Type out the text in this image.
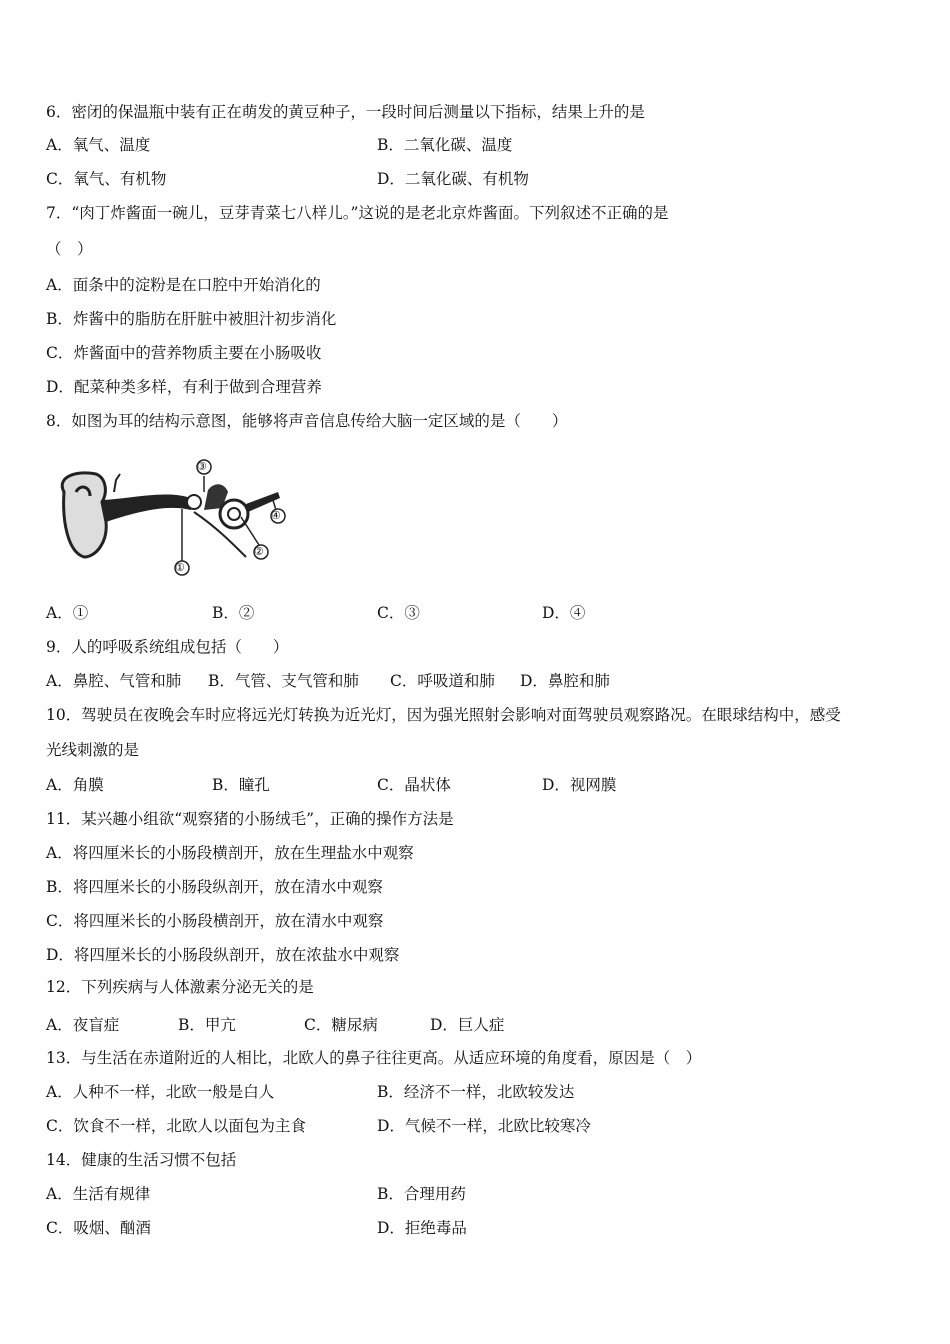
6．密闭的保温瓶中装有正在萌发的黄豆种子，一段时间后测量以下指标，结果上升的是
A．氧气、温度	B．二氧化碳、温度
C．氧气、有机物	D．二氧化碳、有机物
7．“肉丁炸酱面一碗儿，豆芽青菜七八样儿。”这说的是老北京炸酱面。下列叙述不正确的是
（　）
A．面条中的淀粉是在口腔中开始消化的
B．炸酱中的脂肪在肝脏中被胆汁初步消化
C．炸酱面中的营养物质主要在小肠吸收
D．配菜种类多样，有利于做到合理营养
8．如图为耳的结构示意图，能够将声音信息传给大脑一定区域的是（　　）
A．①	B．②	C．③	D．④
9．人的呼吸系统组成包括（　　）
A．鼻腔、气管和肺 B．气管、支气管和肺 C．呼吸道和肺 D．鼻腔和肺
10．驾驶员在夜晚会车时应将远光灯转换为近光灯，因为强光照射会影响对面驾驶员观察路况。在眼球结构中，感受
光线刺激的是
A．角膜	B．瞳孔	C．晶状体	D．视网膜
11．某兴趣小组欲“观察猪的小肠绒毛”，正确的操作方法是
A．将四厘米长的小肠段横剖开，放在生理盐水中观察
B．将四厘米长的小肠段纵剖开，放在清水中观察
C．将四厘米长的小肠段横剖开，放在清水中观察
D．将四厘米长的小肠段纵剖开，放在浓盐水中观察
12．下列疾病与人体激素分泌无关的是
A．夜盲症	B．甲亢	C．糖尿病	D．巨人症
13．与生活在赤道附近的人相比，北欧人的鼻子往往更高。从适应环境的角度看，原因是（　）
A．人种不一样，北欧一般是白人	B．经济不一样，北欧较发达
C．饮食不一样，北欧人以面包为主食	D．气候不一样，北欧比较寒冷
14．健康的生活习惯不包括
A．生活有规律	B．合理用药
C．吸烟、酗酒	D．拒绝毒品
①
②
③
④
